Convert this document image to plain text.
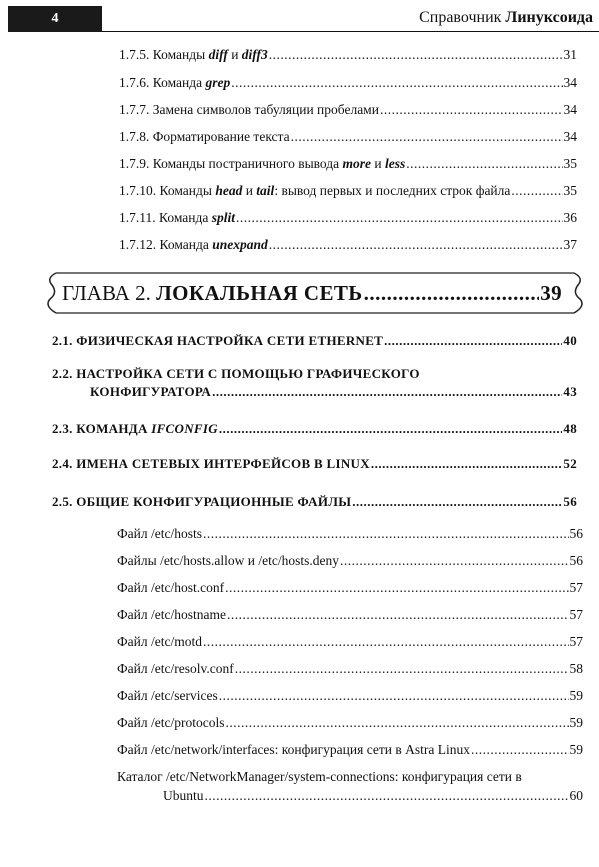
4	Справочник Линуксоида
1.7.5. Команды diff и diff3 .....	31
1.7.6. Команда grep .....	34
1.7.7. Замена символов табуляции пробелами .....	34
1.7.8. Форматирование текста .....	34
1.7.9. Команды постраничного вывода more и less .....	35
1.7.10. Команды head и tail: вывод первых и последних строк файла .....	35
1.7.11. Команда split .....	36
1.7.12. Команда unexpand .....	37
ГЛАВА 2. ЛОКАЛЬНАЯ СЕТЬ .....	39
2.1. ФИЗИЧЕСКАЯ НАСТРОЙКА СЕТИ ETHERNET .....	40
2.2. НАСТРОЙКА СЕТИ С ПОМОЩЬЮ ГРАФИЧЕСКОГО
КОНФИГУРАТОРА .....	43
2.3. КОМАНДА IFCONFIG .....	48
2.4. ИМЕНА СЕТЕВЫХ ИНТЕРФЕЙСОВ В LINUX .....	52
2.5. ОБЩИЕ КОНФИГУРАЦИОННЫЕ ФАЙЛЫ .....	56
Файл /etc/hosts .....	56
Файлы /etc/hosts.allow и /etc/hosts.deny .....	56
Файл /etc/host.conf .....	57
Файл /etc/hostname .....	57
Файл /etc/motd .....	57
Файл /etc/resolv.conf .....	58
Файл /etc/services .....	59
Файл /etc/protocols .....	59
Файл /etc/network/interfaces: конфигурация сети в Astra Linux .....	59
Каталог /etc/NetworkManager/system-connections: конфигурация сети в
Ubuntu .....	60
